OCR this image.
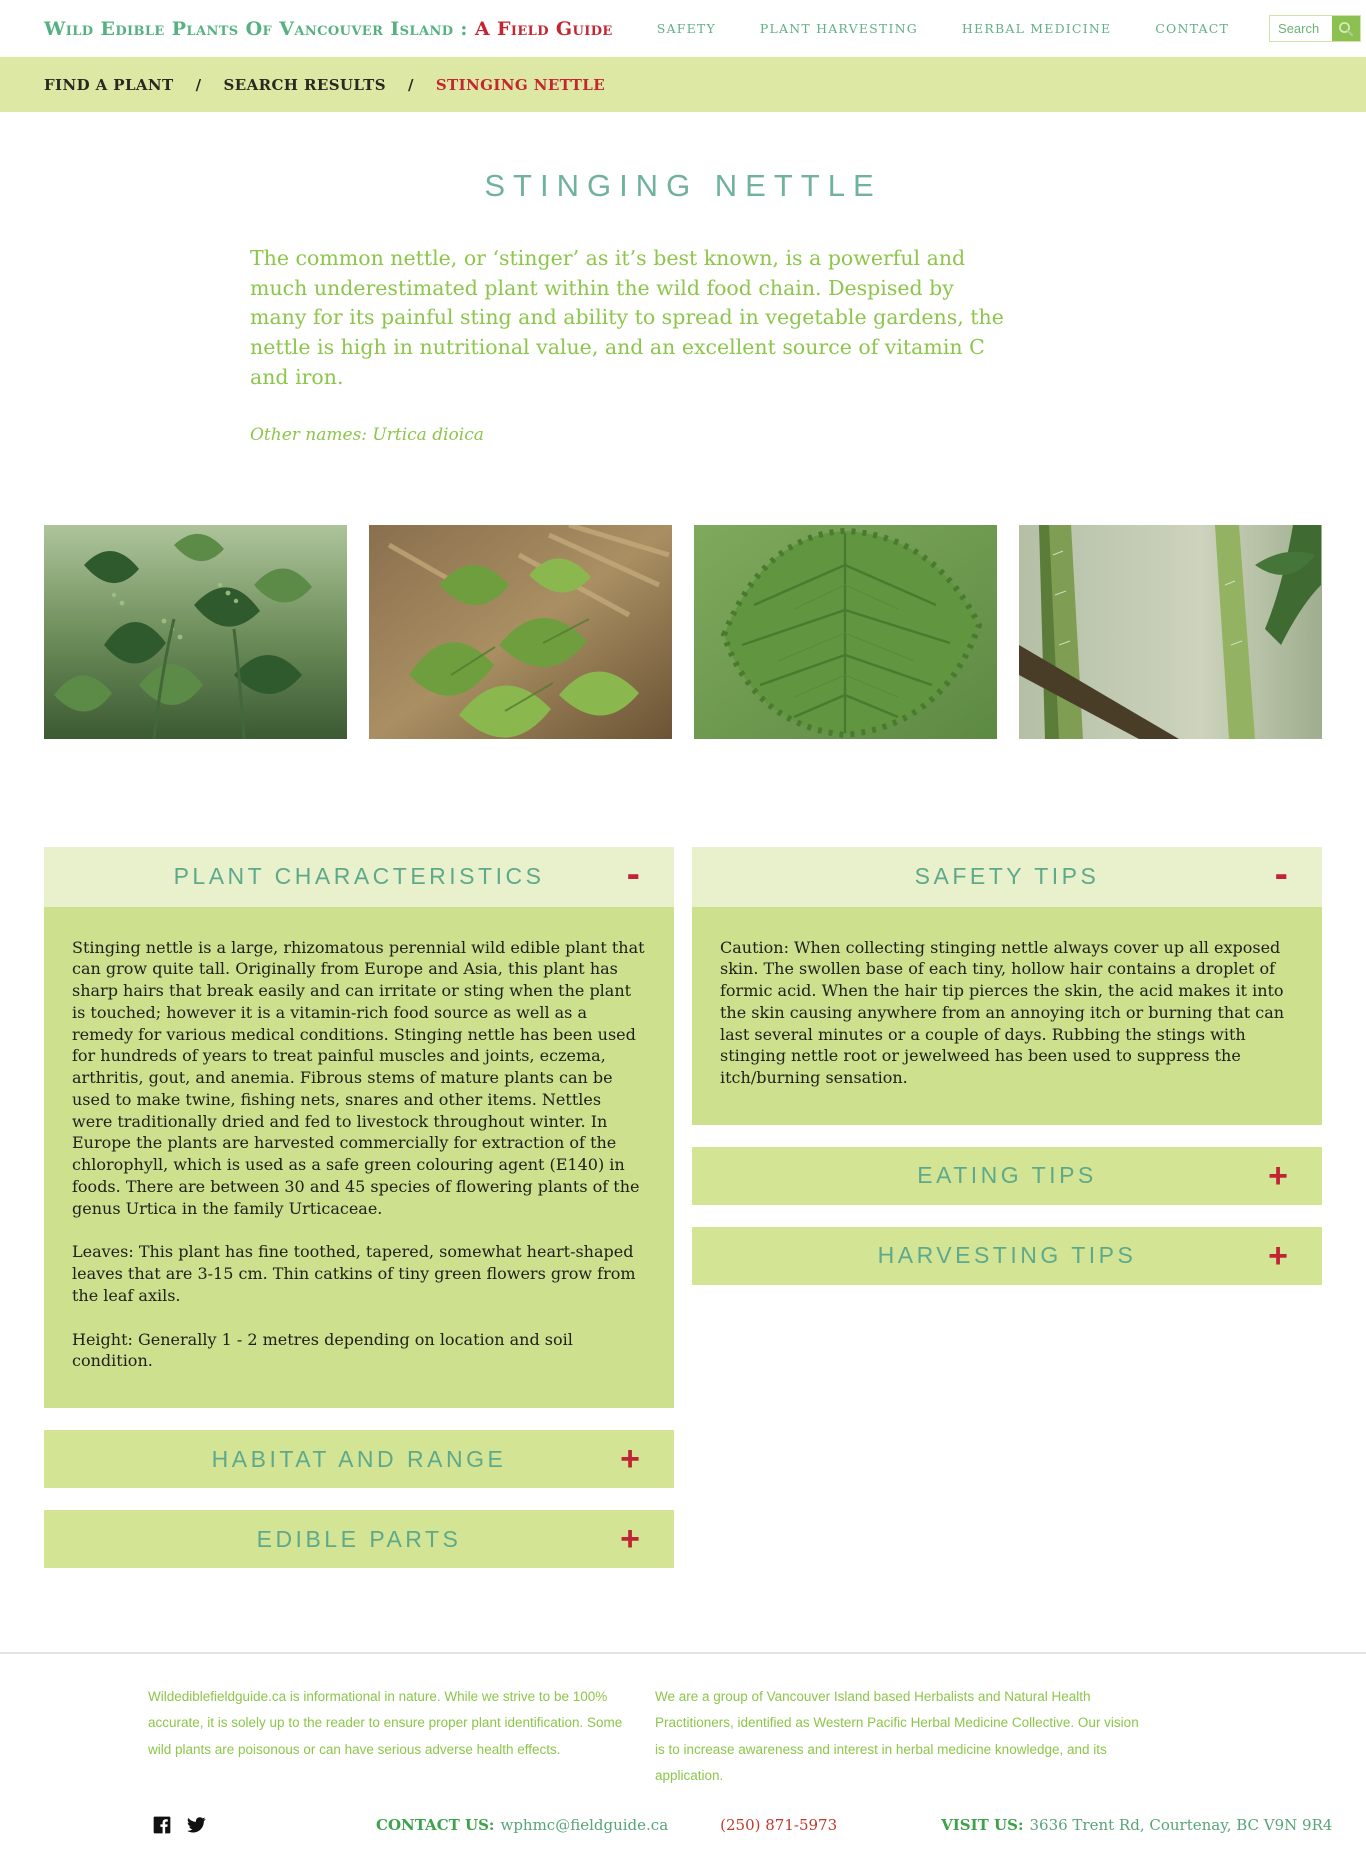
Wild Edible Plants Of Vancouver Island : A Field Guide	SAFETY	PLANT HARVESTING	HERBAL MEDICINE	CONTACT
Search
FIND A PLANT / SEARCH RESULTS / STINGING NETTLE
STINGING NETTLE

The common nettle, or ‘stinger’ as it’s best known, is a powerful and much underestimated plant within the wild food chain. Despised by many for its painful sting and ability to spread in vegetable gardens, the nettle is high in nutritional value, and an excellent source of vitamin C and iron.

Other names: Urtica dioica

PLANT CHARACTERISTICS -

Stinging nettle is a large, rhizomatous perennial wild edible plant that can grow quite tall. Originally from Europe and Asia, this plant has sharp hairs that break easily and can irritate or sting when the plant is touched; however it is a vitamin-rich food source as well as a remedy for various medical conditions. Stinging nettle has been used for hundreds of years to treat painful muscles and joints, eczema, arthritis, gout, and anemia. Fibrous stems of mature plants can be used to make twine, fishing nets, snares and other items. Nettles were traditionally dried and fed to livestock throughout winter. In Europe the plants are harvested commercially for extraction of the chlorophyll, which is used as a safe green colouring agent (E140) in foods. There are between 30 and 45 species of flowering plants of the genus Urtica in the family Urticaceae.

Leaves: This plant has fine toothed, tapered, somewhat heart-shaped leaves that are 3-15 cm. Thin catkins of tiny green flowers grow from the leaf axils.

Height: Generally 1 - 2 metres depending on location and soil condition.

HABITAT AND RANGE	+
EDIBLE PARTS	+
SAFETY TIPS	-

Caution: When collecting stinging nettle always cover up all exposed skin. The swollen base of each tiny, hollow hair contains a droplet of formic acid. When the hair tip pierces the skin, the acid makes it into the skin causing anywhere from an annoying itch or burning that can last several minutes or a couple of days. Rubbing the stings with stinging nettle root or jewelweed has been used to suppress the itch/burning sensation.

EATING TIPS	+
HARVESTING TIPS	+
Wildediblefieldguide.ca is informational in nature. While we strive to be 100% accurate, it is solely up to the reader to ensure proper plant identification. Some wild plants are poisonous or can have serious adverse health effects.
We are a group of Vancouver Island based Herbalists and Natural Health Practitioners, identified as Western Pacific Herbal Medicine Collective. Our vision is to increase awareness and interest in herbal medicine knowledge, and its application.
CONTACT US: wphmc@fieldguide.ca	(250) 871-5973	VISIT US: 3636 Trent Rd, Courtenay, BC V9N 9R4
